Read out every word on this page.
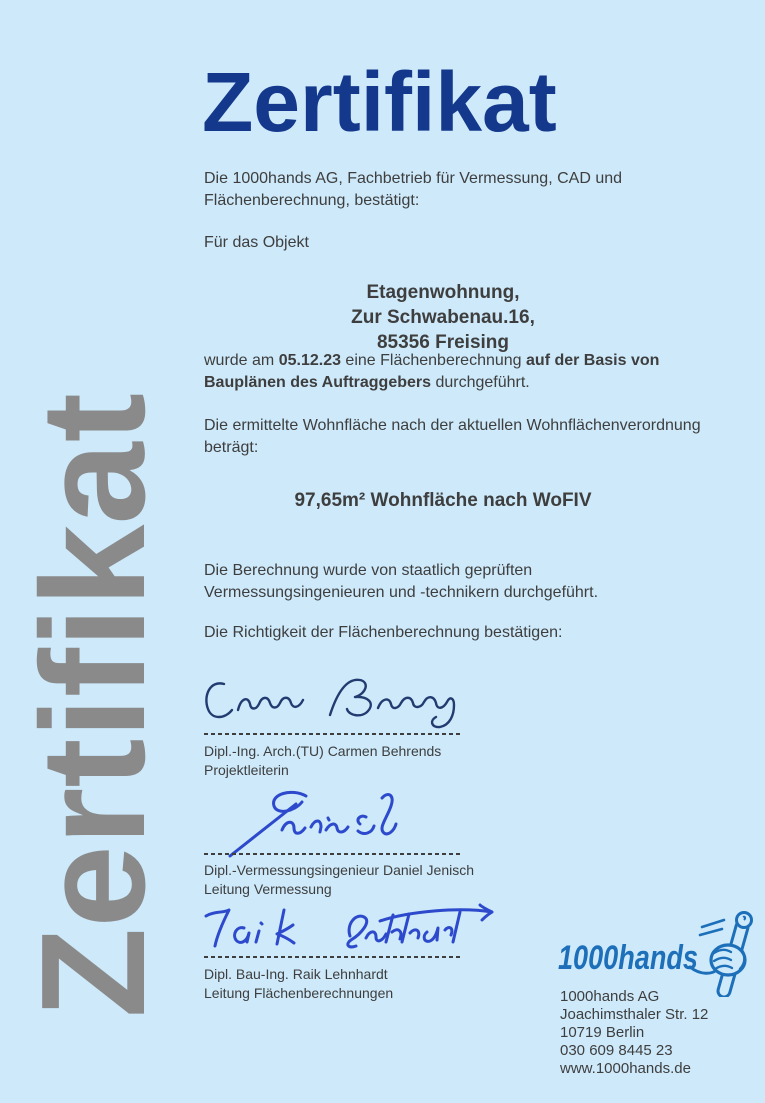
Zertifikat
Zertifikat
Die 1000hands AG, Fachbetrieb für Vermessung, CAD und
Flächenberechnung, bestätigt:
Für das Objekt
Etagenwohnung,
Zur Schwabenau.16,
85356 Freising
wurde am 05.12.23 eine Flächenberechnung auf der Basis von
Bauplänen des Auftraggebers durchgeführt.
Die ermittelte Wohnfläche nach der aktuellen Wohnflächenverordnung
beträgt:
97,65m² Wohnfläche nach WoFIV
Die Berechnung wurde von staatlich geprüften
Vermessungsingenieuren und -technikern durchgeführt.
Die Richtigkeit der Flächenberechnung bestätigen:
Dipl.-Ing. Arch.(TU) Carmen Behrends
Projektleiterin
Dipl.-Vermessungsingenieur Daniel Jenisch
Leitung Vermessung
Dipl. Bau-Ing. Raik Lehnhardt
Leitung Flächenberechnungen
1000hands
1000hands AG
Joachimsthaler Str. 12
10719 Berlin
030 609 8445 23
www.1000hands.de
